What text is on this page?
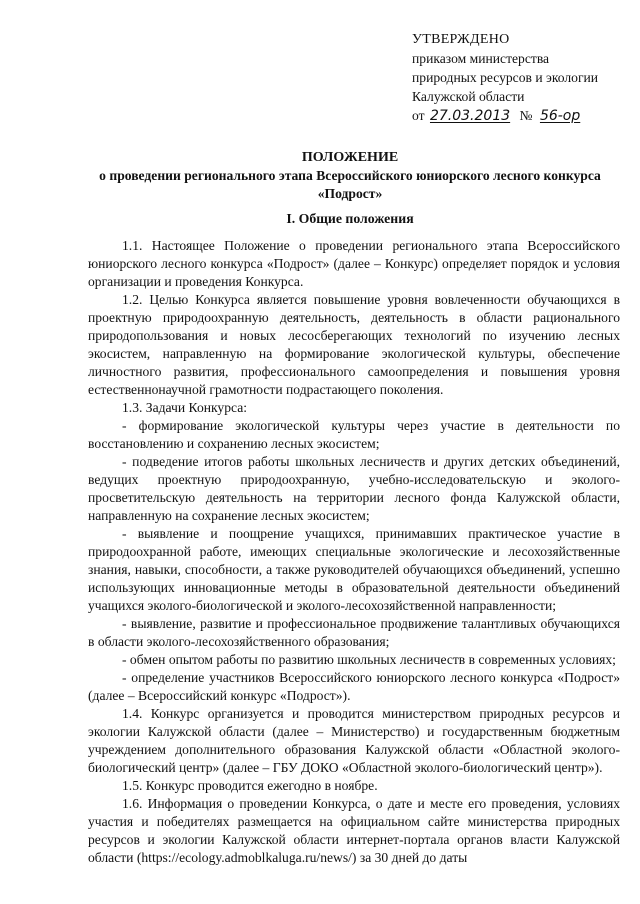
УТВЕРЖДЕНО
приказом министерства
природных ресурсов и экологии
Калужской области
от 27.03.2013 № 56-ор
ПОЛОЖЕНИЕ
о проведении регионального этапа Всероссийского юниорского лесного конкурса «Подрост»
I. Общие положения

1.1. Настоящее Положение о проведении регионального этапа Всероссийского юниорского лесного конкурса «Подрост» (далее – Конкурс) определяет порядок и условия организации и проведения Конкурса.

1.2. Целью Конкурса является повышение уровня вовлеченности обучающихся в проектную природоохранную деятельность, деятельность в области рационального природопользования и новых лесосберегающих технологий по изучению лесных экосистем, направленную на формирование экологической культуры, обеспечение личностного развития, профессионального самоопределения и повышения уровня естественнонаучной грамотности подрастающего поколения.

1.3. Задачи Конкурса:

- формирование экологической культуры через участие в деятельности по восстановлению и сохранению лесных экосистем;

- подведение итогов работы школьных лесничеств и других детских объединений, ведущих проектную природоохранную, учебно-исследовательскую и эколого-просветительскую деятельность на территории лесного фонда Калужской области, направленную на сохранение лесных экосистем;

- выявление и поощрение учащихся, принимавших практическое участие в природоохранной работе, имеющих специальные экологические и лесохозяйственные знания, навыки, способности, а также руководителей обучающихся объединений, успешно использующих инновационные методы в образовательной деятельности объединений учащихся эколого-биологической и эколого-лесохозяйственной направленности;

- выявление, развитие и профессиональное продвижение талантливых обучающихся в области эколого-лесохозяйственного образования;

- обмен опытом работы по развитию школьных лесничеств в современных условиях;

- определение участников Всероссийского юниорского лесного конкурса «Подрост» (далее – Всероссийский конкурс «Подрост»).

1.4. Конкурс организуется и проводится министерством природных ресурсов и экологии Калужской области (далее – Министерство) и государственным бюджетным учреждением дополнительного образования Калужской области «Областной эколого-биологический центр» (далее – ГБУ ДОКО «Областной эколого-биологический центр»).

1.5. Конкурс проводится ежегодно в ноябре.

1.6. Информация о проведении Конкурса, о дате и месте его проведения, условиях участия и победителях размещается на официальном сайте министерства природных ресурсов и экологии Калужской области интернет-портала органов власти Калужской области (https://ecology.admoblkaluga.ru/news/) за 30 дней до даты
